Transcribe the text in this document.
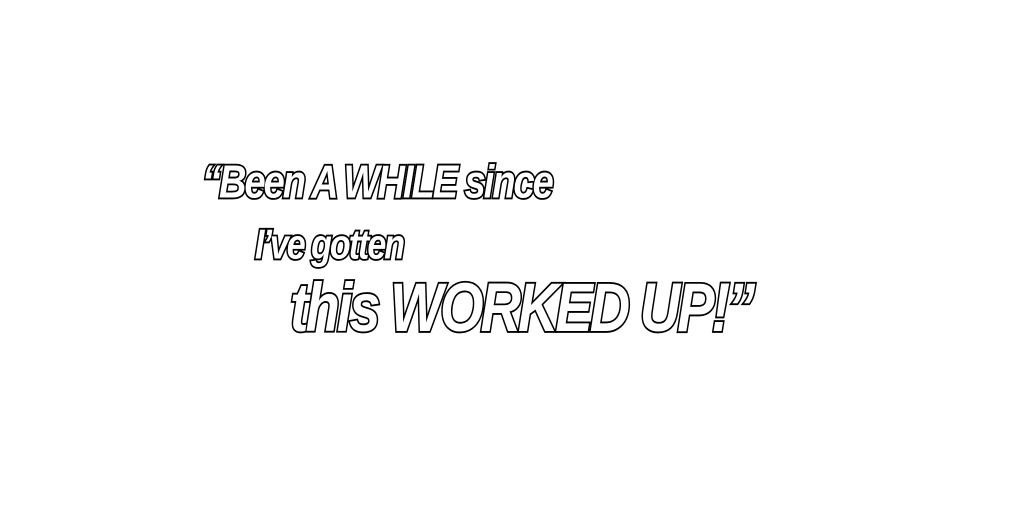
“Been A WHILE since

I’ve gotten

this WORKED UP!”
